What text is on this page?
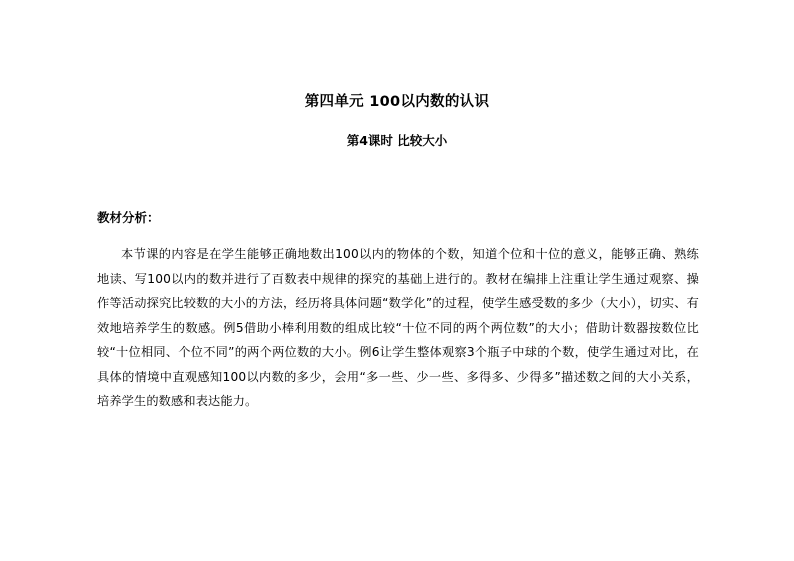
第四单元 100以内数的认识
第4课时 比较大小
教材分析：
本节课的内容是在学生能够正确地数出100以内的物体的个数，知道个位和十位的意义，能够正确、熟练地读、写100以内的数并进行了百数表中规律的探究的基础上进行的。教材在编排上注重让学生通过观察、操作等活动探究比较数的大小的方法，经历将具体问题“数学化”的过程，使学生感受数的多少（大小），切实、有效地培养学生的数感。例5借助小棒利用数的组成比较“十位不同的两个两位数”的大小；借助计数器按数位比较“十位相同、个位不同”的两个两位数的大小。例6让学生整体观察3个瓶子中球的个数，使学生通过对比，在具体的情境中直观感知100以内数的多少，会用“多一些、少一些、多得多、少得多”描述数之间的大小关系，培养学生的数感和表达能力。
